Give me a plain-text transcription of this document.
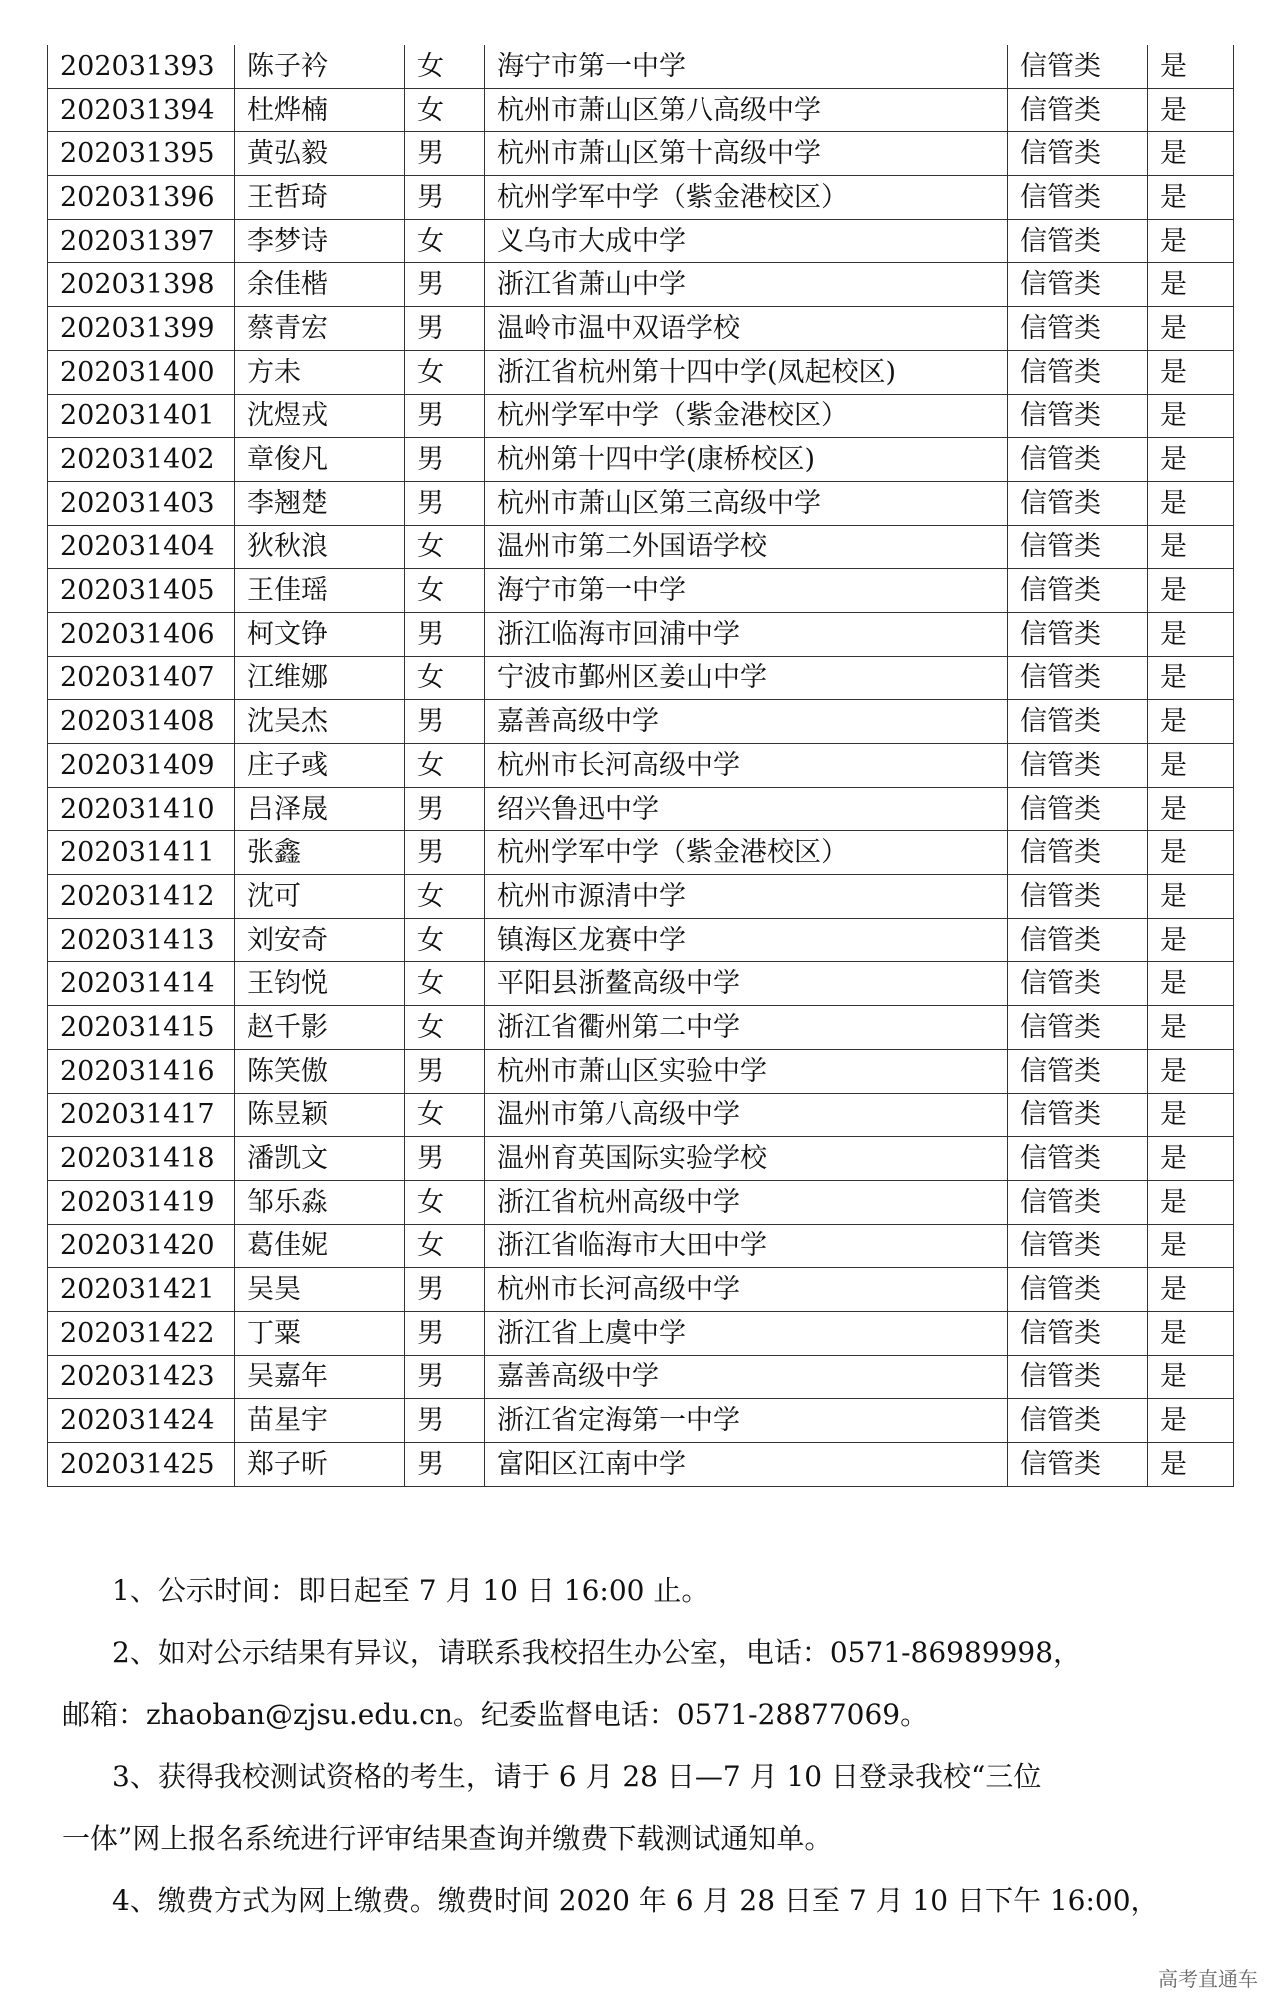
202031393	陈子衿	女	海宁市第一中学	信管类	是
202031394	杜烨楠	女	杭州市萧山区第八高级中学	信管类	是
202031395	黄弘毅	男	杭州市萧山区第十高级中学	信管类	是
202031396	王哲琦	男	杭州学军中学（紫金港校区）	信管类	是
202031397	李梦诗	女	义乌市大成中学	信管类	是
202031398	余佳楷	男	浙江省萧山中学	信管类	是
202031399	蔡青宏	男	温岭市温中双语学校	信管类	是
202031400	方未	女	浙江省杭州第十四中学(凤起校区)	信管类	是
202031401	沈煜戎	男	杭州学军中学（紫金港校区）	信管类	是
202031402	章俊凡	男	杭州第十四中学(康桥校区)	信管类	是
202031403	李翘楚	男	杭州市萧山区第三高级中学	信管类	是
202031404	狄秋浪	女	温州市第二外国语学校	信管类	是
202031405	王佳瑶	女	海宁市第一中学	信管类	是
202031406	柯文铮	男	浙江临海市回浦中学	信管类	是
202031407	江维娜	女	宁波市鄞州区姜山中学	信管类	是
202031408	沈吴杰	男	嘉善高级中学	信管类	是
202031409	庄子彧	女	杭州市长河高级中学	信管类	是
202031410	吕泽晟	男	绍兴鲁迅中学	信管类	是
202031411	张鑫	男	杭州学军中学（紫金港校区）	信管类	是
202031412	沈可	女	杭州市源清中学	信管类	是
202031413	刘安奇	女	镇海区龙赛中学	信管类	是
202031414	王钧悦	女	平阳县浙鳌高级中学	信管类	是
202031415	赵千影	女	浙江省衢州第二中学	信管类	是
202031416	陈笑傲	男	杭州市萧山区实验中学	信管类	是
202031417	陈昱颖	女	温州市第八高级中学	信管类	是
202031418	潘凯文	男	温州育英国际实验学校	信管类	是
202031419	邹乐淼	女	浙江省杭州高级中学	信管类	是
202031420	葛佳妮	女	浙江省临海市大田中学	信管类	是
202031421	吴昊	男	杭州市长河高级中学	信管类	是
202031422	丁粟	男	浙江省上虞中学	信管类	是
202031423	吴嘉年	男	嘉善高级中学	信管类	是
202031424	苗星宇	男	浙江省定海第一中学	信管类	是
202031425	郑子昕	男	富阳区江南中学	信管类	是
1、公示时间：即日起至 7 月 10 日 16:00 止。
2、如对公示结果有异议，请联系我校招生办公室，电话：0571-86989998，
邮箱：zhaoban@zjsu.edu.cn。纪委监督电话：0571-28877069。
3、获得我校测试资格的考生，请于 6 月 28 日—7 月 10 日登录我校“三位
一体”网上报名系统进行评审结果查询并缴费下载测试通知单。
4、缴费方式为网上缴费。缴费时间 2020 年 6 月 28 日至 7 月 10 日下午 16:00，
高考直通车
